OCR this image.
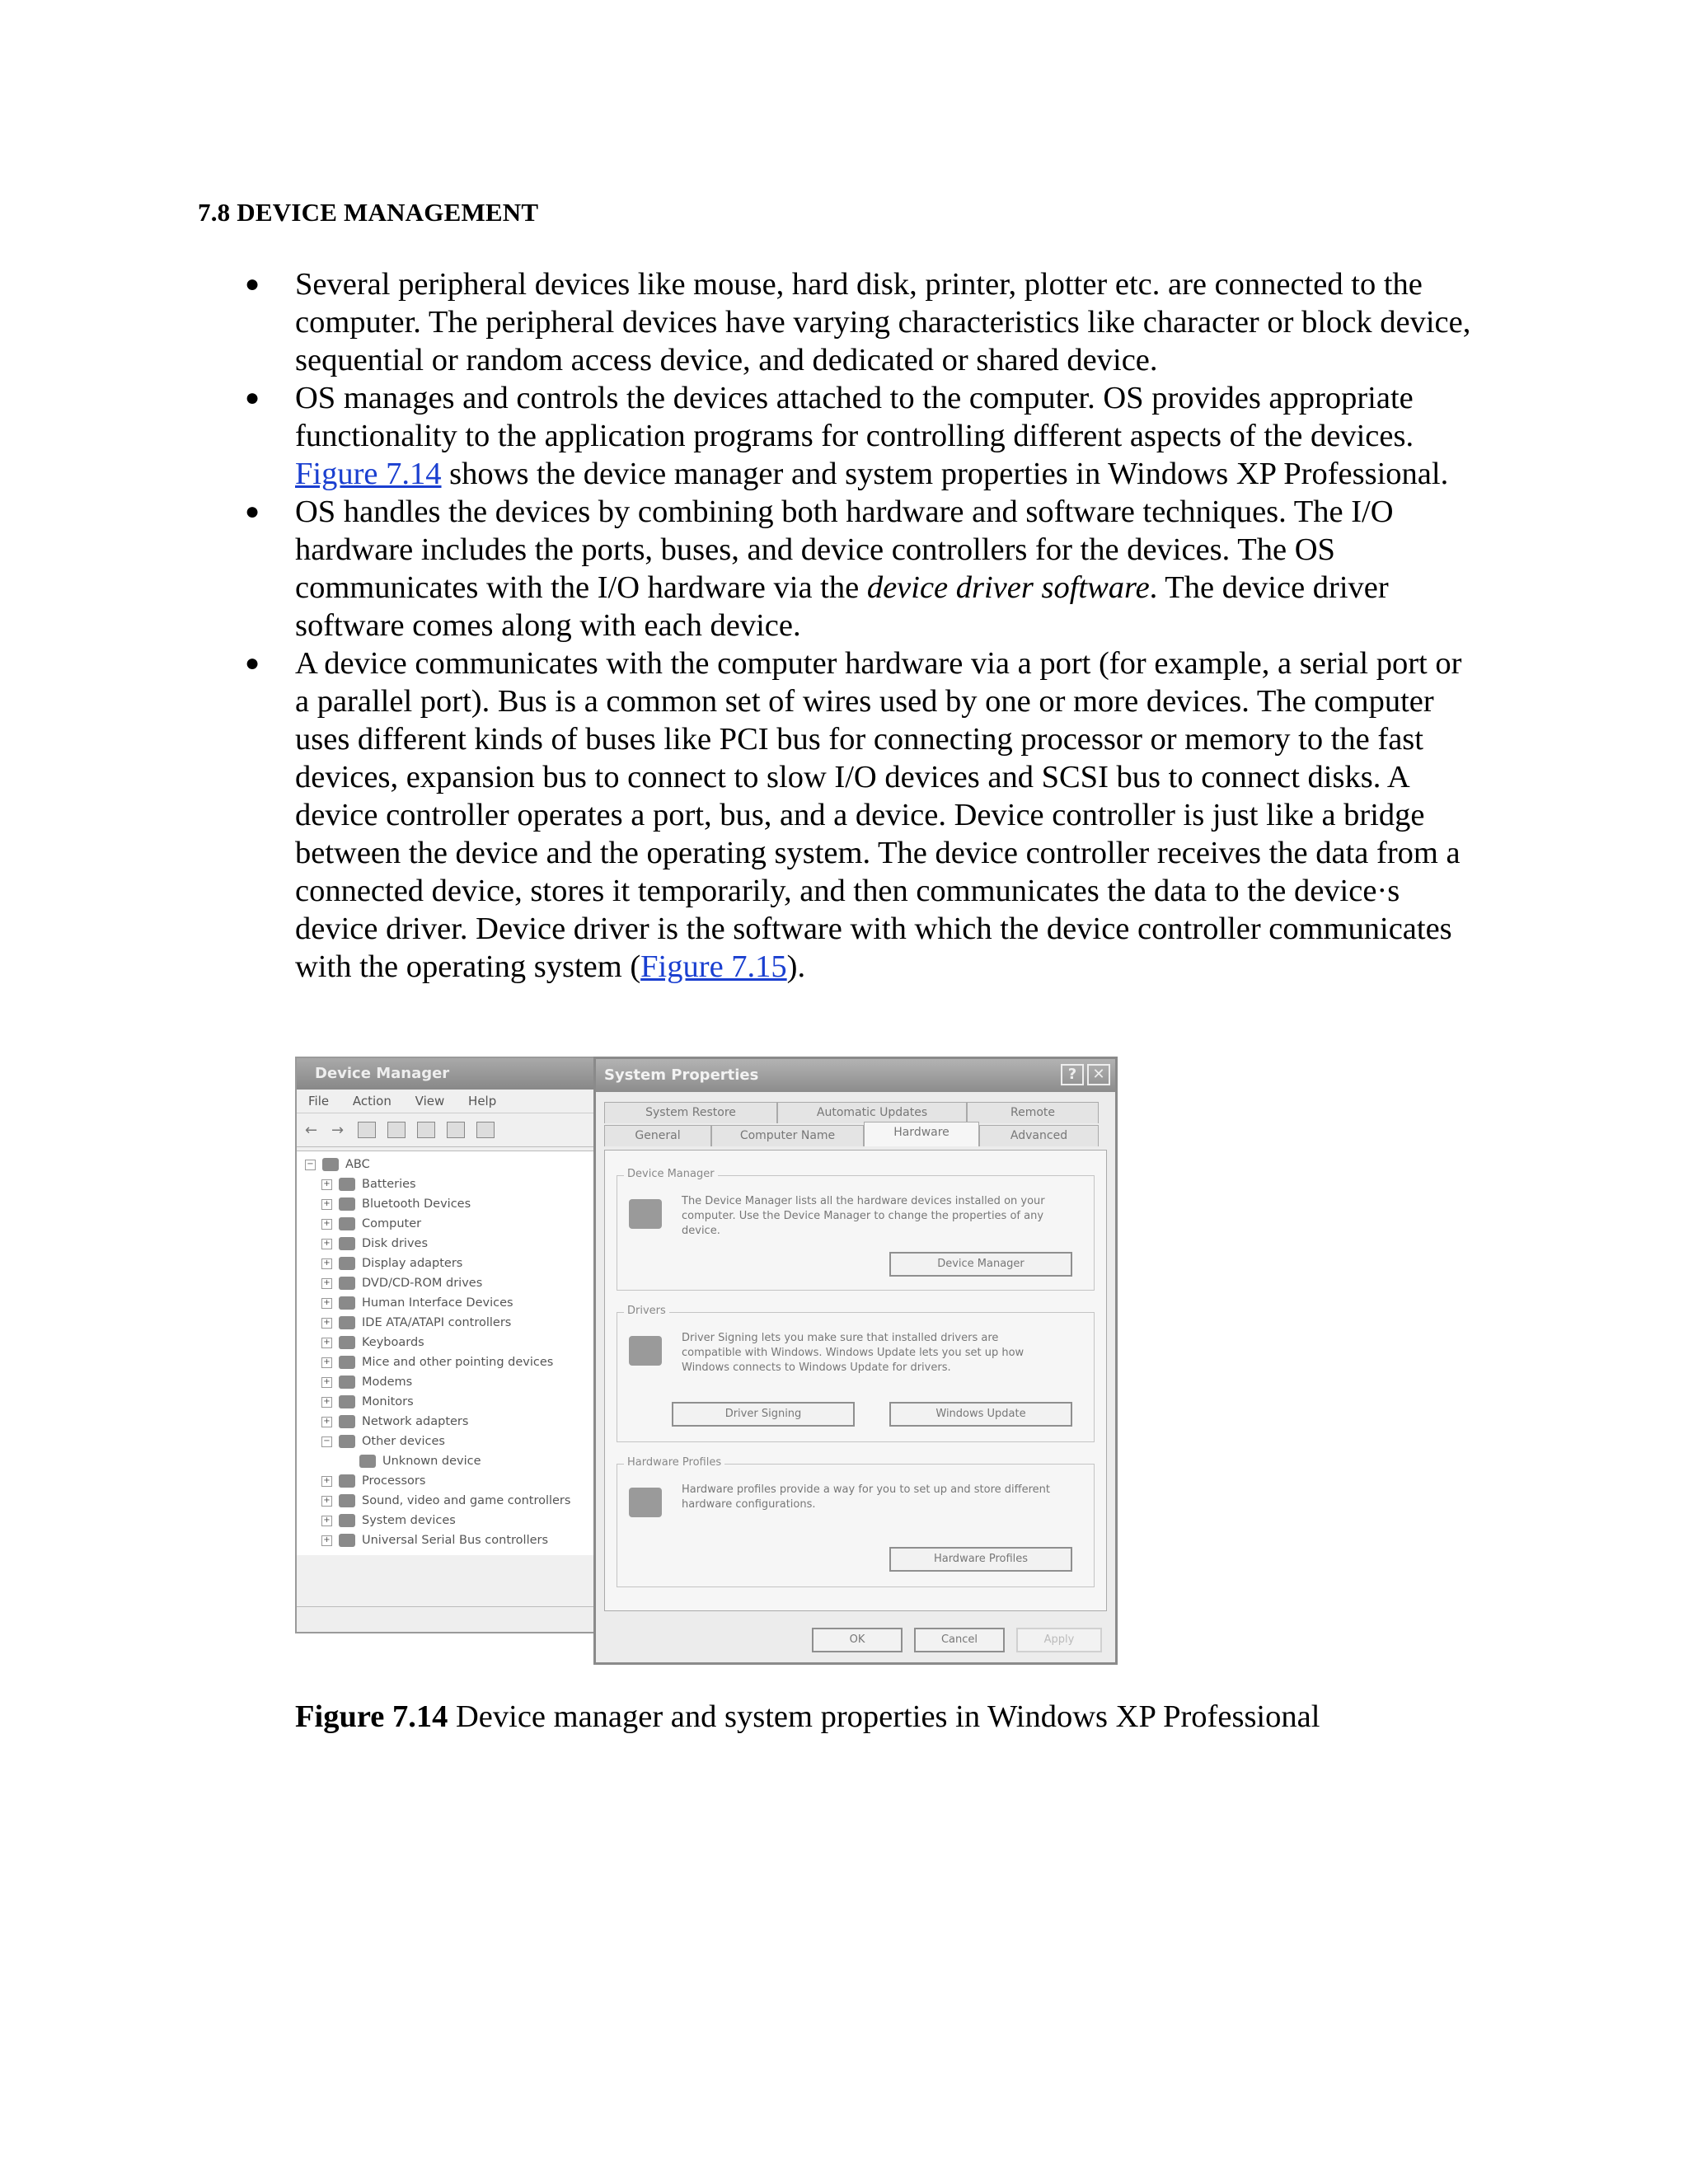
7.8 DEVICE MANAGEMENT
● Several peripheral devices like mouse, hard disk, printer, plotter etc. are connected to the computer. The peripheral devices have varying characteristics like character or block device, sequential or random access device, and dedicated or shared device.
● OS manages and controls the devices attached to the computer. OS provides appropriate functionality to the application programs for controlling different aspects of the devices. Figure 7.14 shows the device manager and system properties in Windows XP Professional.
● OS handles the devices by combining both hardware and software techniques. The I/O hardware includes the ports, buses, and device controllers for the devices. The OS communicates with the I/O hardware via the device driver software. The device driver software comes along with each device.
● A device communicates with the computer hardware via a port (for example, a serial port or a parallel port). Bus is a common set of wires used by one or more devices. The computer uses different kinds of buses like PCI bus for connecting processor or memory to the fast devices, expansion bus to connect to slow I/O devices and SCSI bus to connect disks. A device controller operates a port, bus, and a device. Device controller is just like a bridge between the device and the operating system. The device controller receives the data from a connected device, stores it temporarily, and then communicates the data to the device·s device driver. Device driver is the software with which the device controller communicates with the operating system (Figure 7.15).
Device Manager
File Action View Help
← →
−	ABC
+	Batteries
+	Bluetooth Devices
+	Computer
+	Disk drives
+	Display adapters
+	DVD/CD-ROM drives
+	Human Interface Devices
+	IDE ATA/ATAPI controllers
+	Keyboards
+	Mice and other pointing devices
+	Modems
+	Monitors
+	Network adapters
−	Other devices
Unknown device
+	Processors
+	Sound, video and game controllers
+	System devices
+	Universal Serial Bus controllers
System Properties	?	✕
System Restore	Automatic Updates	Remote
General	Computer Name	Hardware	Advanced
Device Manager
The Device Manager lists all the hardware devices installed on your computer. Use the Device Manager to change the properties of any device.
Device Manager
Drivers
Driver Signing lets you make sure that installed drivers are compatible with Windows. Windows Update lets you set up how Windows connects to Windows Update for drivers.
Driver Signing	Windows Update
Hardware Profiles
Hardware profiles provide a way for you to set up and store different hardware configurations.
Hardware Profiles
OK	Cancel	Apply
Figure 7.14 Device manager and system properties in Windows XP Professional
